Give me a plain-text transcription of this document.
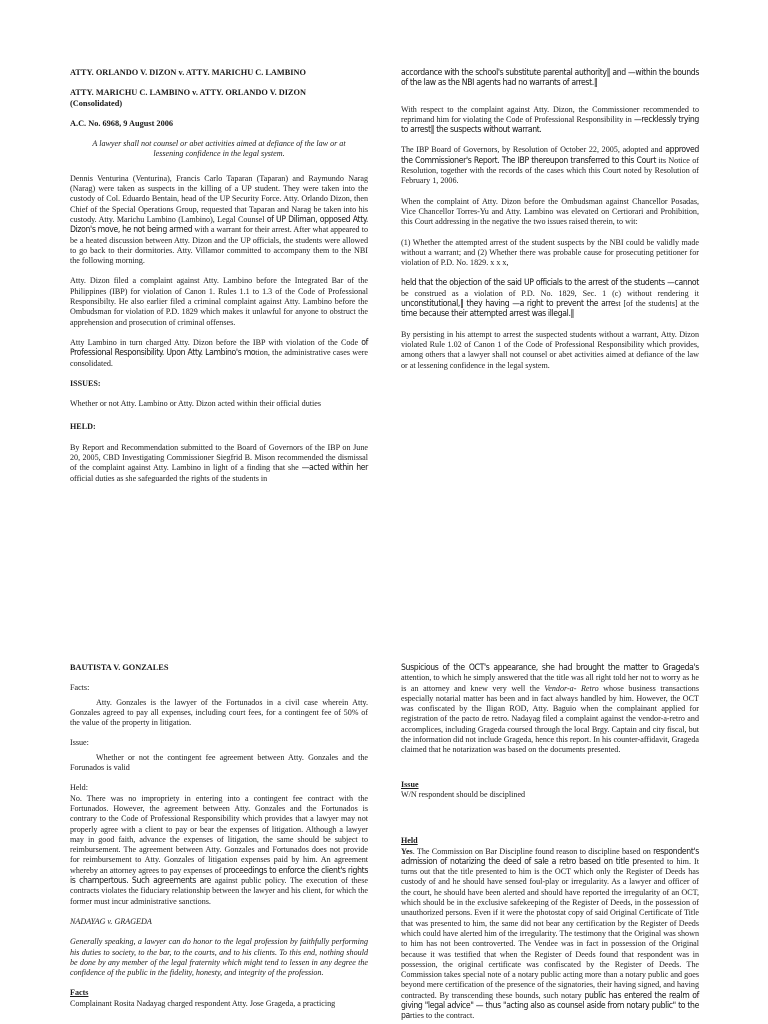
ATTY. ORLANDO V. DIZON v. ATTY. MARICHU C. LAMBINO

ATTY. MARICHU C. LAMBINO v. ATTY. ORLANDO V. DIZON

(Consolidated)

A.C. No. 6968, 9 August 2006

A lawyer shall not counsel or abet activities aimed at defiance of the law or at lessening confidence in the legal system.

Dennis Venturina (Venturina), Francis Carlo Taparan (Taparan) and Raymundo Narag (Narag) were taken as suspects in the killing of a UP student. They were taken into the custody of Col. Eduardo Bentain, head of the UP Security Force. Atty. Orlando Dizon, then Chief of the Special Operations Group, requested that Taparan and Narag be taken into his custody. Atty. Marichu Lambino (Lambino), Legal Counsel of UP Diliman, opposed Atty. Dizon's move, he not being armed with a warrant for their arrest. After what appeared to be a heated discussion between Atty. Dizon and the UP officials, the students were allowed to go back to their dormitories. Atty. Villamor committed to accompany them to the NBI the following morning.

Atty. Dizon filed a complaint against Atty. Lambino before the Integrated Bar of the Philippines (IBP) for violation of Canon 1. Rules 1.1 to 1.3 of the Code of Professional Responsibilty. He also earlier filed a criminal complaint against Atty. Lambino before the Ombudsman for violation of P.D. 1829 which makes it unlawful for anyone to obstruct the apprehension and prosecution of criminal offenses.

Atty Lambino in turn charged Atty. Dizon before the IBP with violation of the Code of Professional Responsibility. Upon Atty. Lambino's motion, the administrative cases were consolidated.

ISSUES:

Whether or not Atty. Lambino or Atty. Dizon acted within their official duties

HELD:

By Report and Recommendation submitted to the Board of Governors of the IBP on June 20, 2005, CBD Investigating Commissioner Siegfrid B. Mison recommended the dismissal of the complaint against Atty. Lambino in light of a finding that she —acted within her official duties as she safeguarded the rights of the students in

accordance with the school's substitute parental authority‖ and —within the bounds of the law as the NBI agents had no warrants of arrest.‖

With respect to the complaint against Atty. Dizon, the Commissioner recommended to reprimand him for violating the Code of Professional Responsibility in —recklessly trying to arrest‖ the suspects without warrant.

The IBP Board of Governors, by Resolution of October 22, 2005, adopted and approved the Commissioner's Report. The IBP thereupon transferred to this Court its Notice of Resolution, together with the records of the cases which this Court noted by Resolution of February 1, 2006.

When the complaint of Atty. Dizon before the Ombudsman against Chancellor Posadas, Vice Chancellor Torres-Yu and Atty. Lambino was elevated on Certiorari and Prohibition, this Court addressing in the negative the two issues raised therein, to wit:

(1) Whether the attempted arrest of the student suspects by the NBI could be validly made without a warrant; and (2) Whether there was probable cause for prosecuting petitioner for violation of P.D. No. 1829. x x x,

held that the objection of the said UP officials to the arrest of the students —cannot be construed as a violation of P.D. No. 1829, Sec. 1 (c) without rendering it unconstitutional,‖ they having —a right to prevent the arrest [of the students] at the time because their attempted arrest was illegal.‖

By persisting in his attempt to arrest the suspected students without a warrant, Atty. Dizon violated Rule 1.02 of Canon 1 of the Code of Professional Responsibility which provides, among others that a lawyer shall not counsel or abet activities aimed at defiance of the law or at lessening confidence in the legal system.

BAUTISTA V. GONZALES

Facts:

Atty. Gonzales is the lawyer of the Fortunados in a civil case wherein Atty. Gonzales agreed to pay all expenses, including court fees, for a contingent fee of 50% of the value of the property in litigation.

Issue:

Whether or not the contingent fee agreement between Atty. Gonzales and the Forunados is valid

Held:

No. There was no impropriety in entering into a contingent fee contract with the Fortunados. However, the agreement between Atty. Gonzales and the Fortunados is contrary to the Code of Professional Responsibility which provides that a lawyer may not properly agree with a client to pay or bear the expenses of litigation. Although a lawyer may in good faith, advance the expenses of litigation, the same should be subject to reimbursement. The agreement between Atty. Gonzales and Fortunados does not provide for reimbursement to Atty. Gonzales of litigation expenses paid by him. An agreement whereby an attorney agrees to pay expenses of proceedings to enforce the client's rights is champertous. Such agreements are against public policy. The execution of these contracts violates the fiduciary relationship between the lawyer and his client, for which the former must incur administrative sanctions.

NADAYAG v. GRAGEDA

Generally speaking, a lawyer can do honor to the legal profession by faithfully performing his duties to society, to the bar, to the courts, and to his clients. To this end, nothing should be done by any member of the legal fraternity which might tend to lessen in any degree the confidence of the public in the fidelity, honesty, and integrity of the profession.

Facts

Complainant Rosita Nadayag charged respondent Atty. Jose Grageda, a practicing

Suspicious of the OCT's appearance, she had brought the matter to Grageda's attention, to which he simply answered that the title was all right told her not to worry as he is an attorney and knew very well the Vendor-a- Retro whose business transactions especially notarial matter has been and in fact always handled by him. However, the OCT was confiscated by the Iligan ROD, Atty. Baguio when the complainant applied for registration of the pacto de retro. Nadayag filed a complaint against the vendor-a-retro and accomplices, including Grageda coursed through the local Brgy. Captain and city fiscal, but the information did not include Grageda, hence this report. In his counter-affidavit, Grageda claimed that he notarization was based on the documents presented.

Issue

W/N respondent should be disciplined

Held

Yes. The Commission on Bar Discipline found reason to discipline based on respondent's admission of notarizing the deed of sale a retro based on title presented to him. It turns out that the title presented to him is the OCT which only the Register of Deeds has custody of and he should have sensed foul-play or irregularity. As a lawyer and officer of the court, he should have been alerted and should have reported the irregularity of an OCT, which should be in the exclusive safekeeping of the Register of Deeds, in the possession of unauthorized persons. Even if it were the photostat copy of said Original Certificate of Title that was presented to him, the same did not bear any certification by the Register of Deeds which could have alerted him of the irregularity. The testimony that the Original was shown to him has not been controverted. The Vendee was in fact in possession of the Original because it was testified that when the Register of Deeds found that respondent was in possession, the original certificate was confiscated by the Register of Deeds. The Commission takes special note of a notary public acting more than a notary public and goes beyond mere certification of the presence of the signatories, their having signed, and having contracted. By transcending these bounds, such notary public has entered the realm of giving "legal advice" — thus "acting also as counsel aside from notary public" to the parties to the contract.
